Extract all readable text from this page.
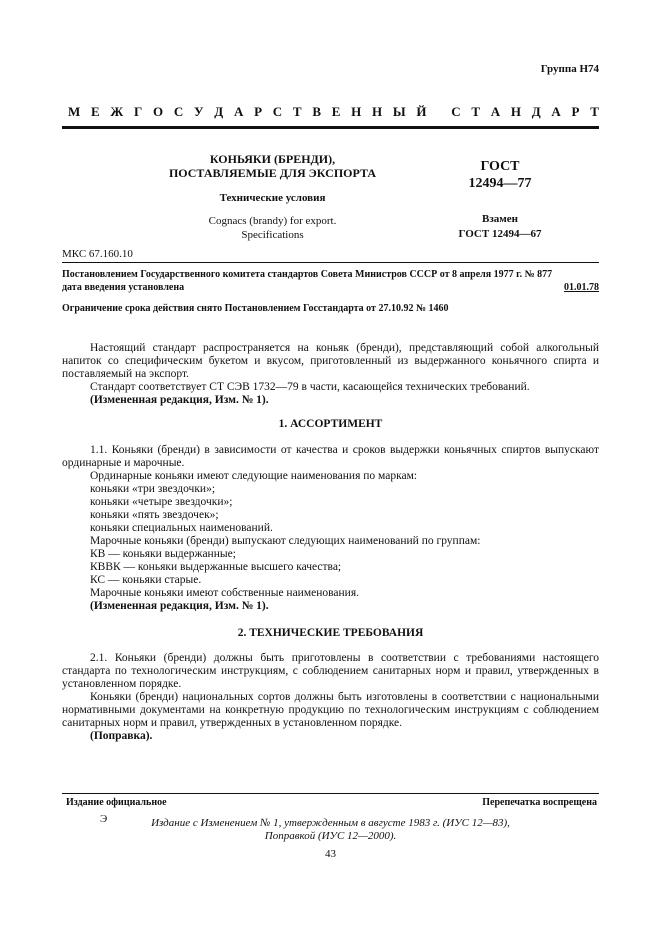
Группа Н74
М Е Ж Г О С У Д А Р С Т В Е Н Н Ы Й
С Т А Н Д А Р Т
КОНЬЯКИ (БРЕНДИ),
ПОСТАВЛЯЕМЫЕ ДЛЯ ЭКСПОРТА
Технические условия
Cognacs (brandy) for export.
Specifications
ГОСТ
12494—77
Взамен
ГОСТ 12494—67
МКС 67.160.10
Постановлением Государственного комитета стандартов Совета Министров СССР от 8 апреля 1977 г. № 877
дата введения установлена	01.01.78
Ограничение срока действия снято Постановлением Госстандарта от 27.10.92 № 1460

Настоящий стандарт распространяется на коньяк (бренди), представляющий собой алкогольный напиток со специфическим букетом и вкусом, приготовленный из выдержанного коньячного спирта и поставляемый на экспорт.

Стандарт соответствует СТ СЭВ 1732—79 в части, касающейся технических требований.

(Измененная редакция, Изм. № 1).

1. АССОРТИМЕНТ

1.1. Коньяки (бренди) в зависимости от качества и сроков выдержки коньячных спиртов выпускают ординарные и марочные.

Ординарные коньяки имеют следующие наименования по маркам:

коньяки «три звездочки»;

коньяки «четыре звездочки»;

коньяки «пять звездочек»;

коньяки специальных наименований.

Марочные коньяки (бренди) выпускают следующих наименований по группам:

КВ — коньяки выдержанные;

КВВК — коньяки выдержанные высшего качества;

КС — коньяки старые.

Марочные коньяки имеют собственные наименования.

(Измененная редакция, Изм. № 1).

2. ТЕХНИЧЕСКИЕ ТРЕБОВАНИЯ

2.1. Коньяки (бренди) должны быть приготовлены в соответствии с требованиями настоящего стандарта по технологическим инструкциям, с соблюдением санитарных норм и правил, утвержденных в установленном порядке.

Коньяки (бренди) национальных сортов должны быть изготовлены в соответствии с национальными нормативными документами на конкретную продукцию по технологическим инструкциям с соблюдением санитарных норм и правил, утвержденных в установленном порядке.

(Поправка).

Издание официальное	Перепечатка воспрещена
Э	Издание с Изменением № 1, утвержденным в августе 1983 г. (ИУС 12—83),
Поправкой (ИУС 12—2000).
43
